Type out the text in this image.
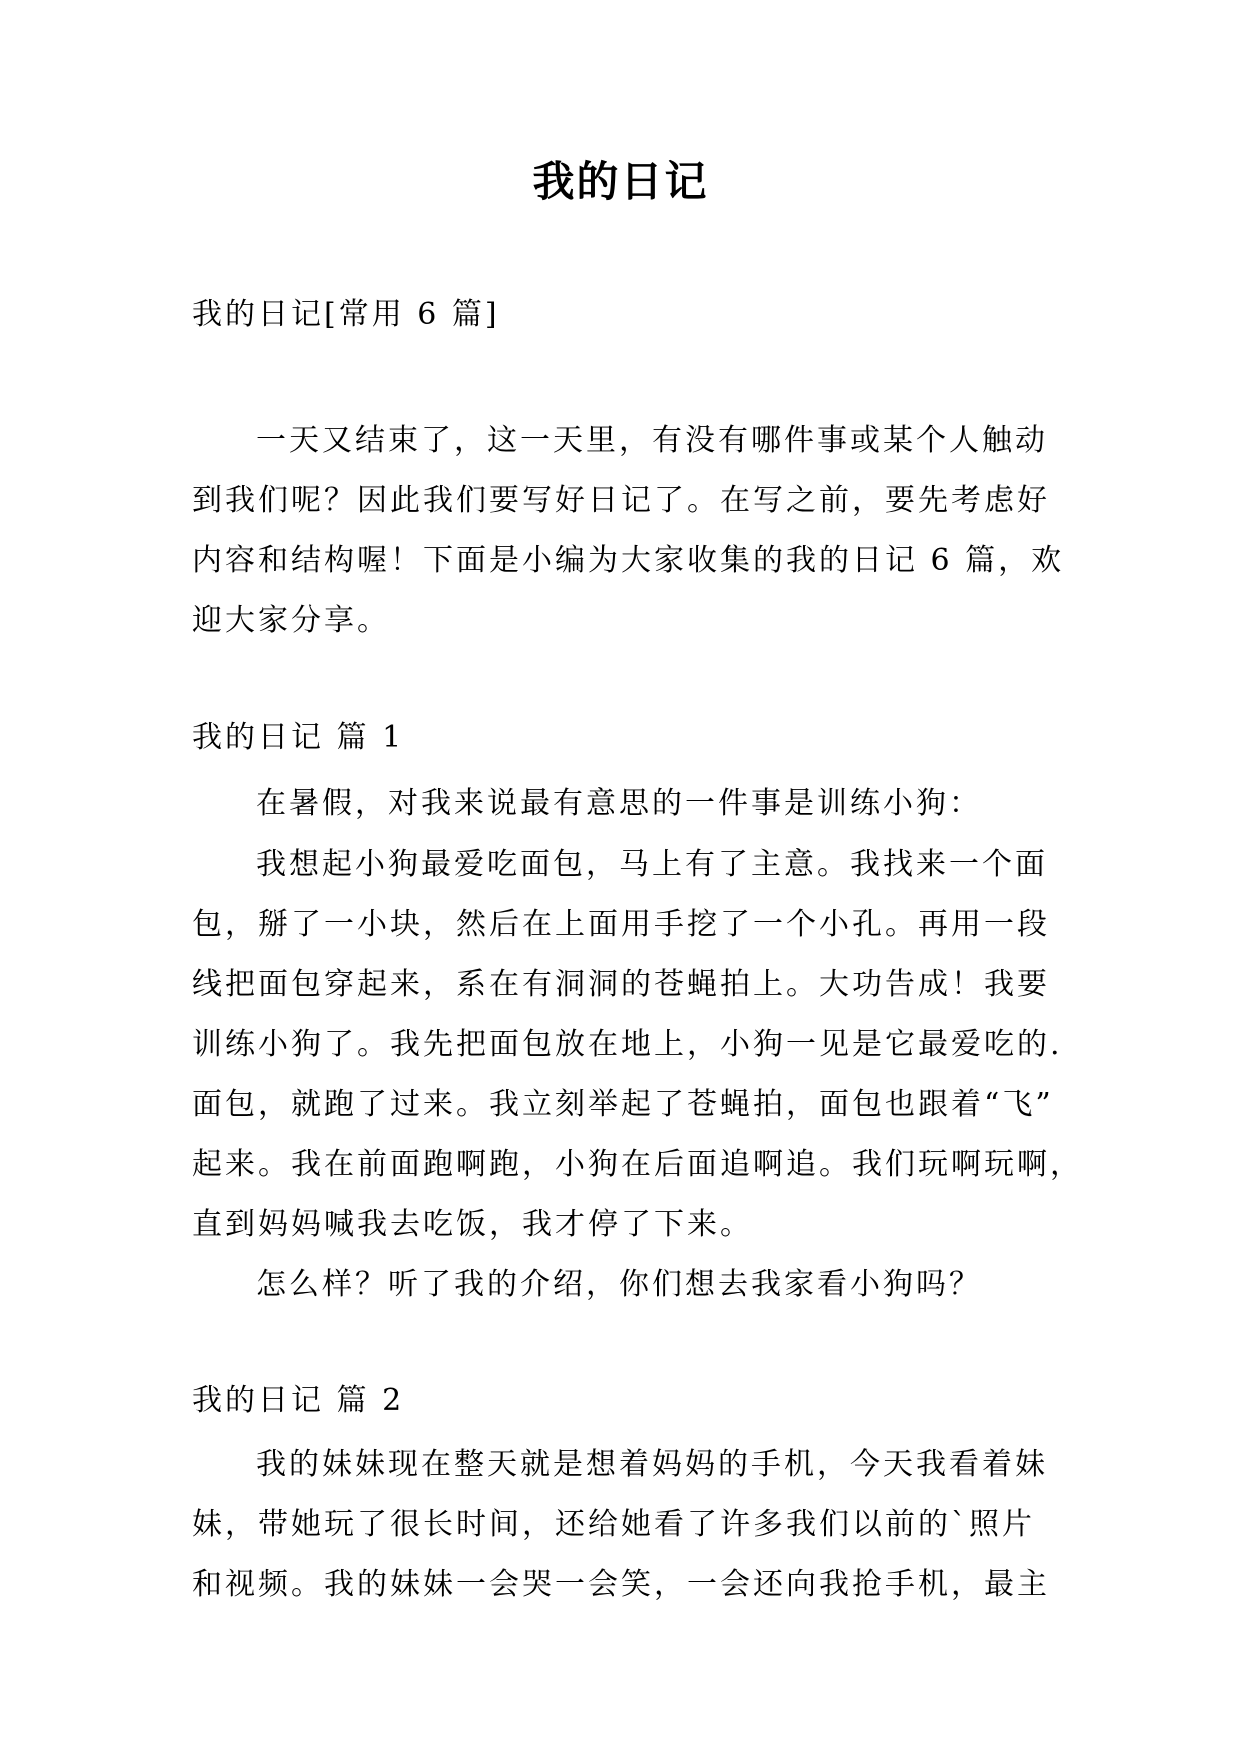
我的日记
我的日记[常用 6 篇]
一天又结束了，这一天里，有没有哪件事或某个人触动
到我们呢？因此我们要写好日记了。在写之前，要先考虑好
内容和结构喔！下面是小编为大家收集的我的日记 6 篇，欢
迎大家分享。
我的日记 篇 1
在暑假，对我来说最有意思的一件事是训练小狗：
我想起小狗最爱吃面包，马上有了主意。我找来一个面
包，掰了一小块，然后在上面用手挖了一个小孔。再用一段
线把面包穿起来，系在有洞洞的苍蝇拍上。大功告成！我要
训练小狗了。我先把面包放在地上，小狗一见是它最爱吃的.
面包，就跑了过来。我立刻举起了苍蝇拍，面包也跟着“飞”
起来。我在前面跑啊跑，小狗在后面追啊追。我们玩啊玩啊，
直到妈妈喊我去吃饭，我才停了下来。
怎么样？听了我的介绍，你们想去我家看小狗吗？
我的日记 篇 2
我的妹妹现在整天就是想着妈妈的手机，今天我看着妹
妹，带她玩了很长时间，还给她看了许多我们以前的`照片
和视频。我的妹妹一会哭一会笑，一会还向我抢手机，最主
